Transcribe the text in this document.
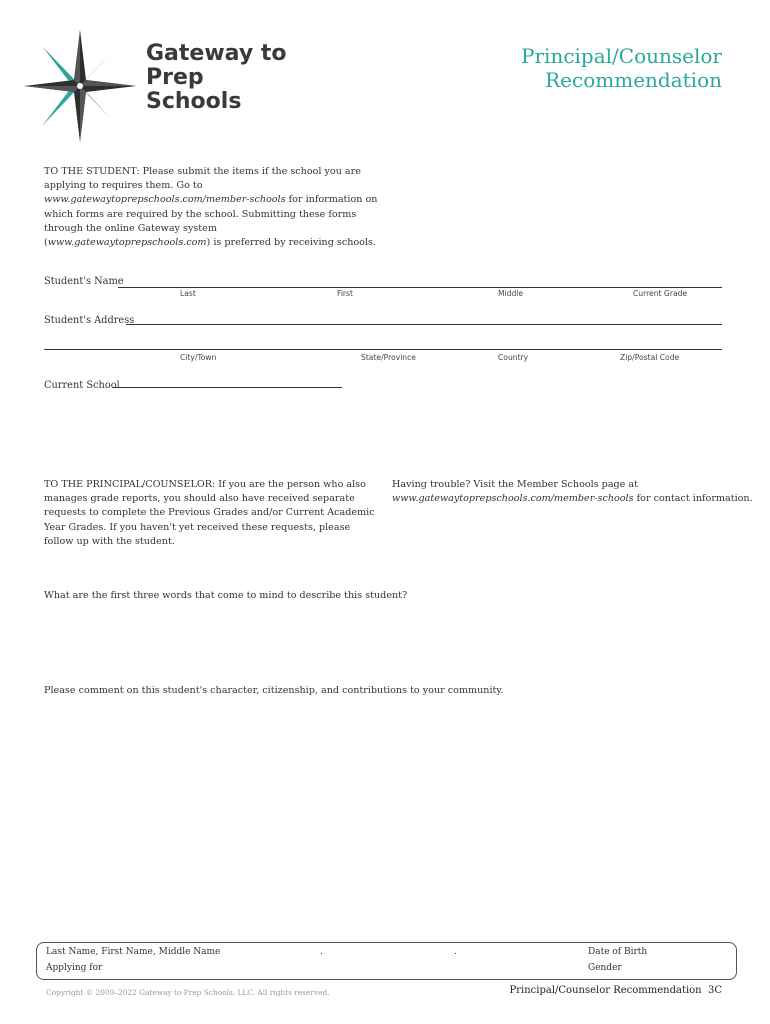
Gateway to
Prep
Schools
Principal/Counselor
Recommendation
TO THE STUDENT: Please submit the items if the school you are applying to requires them. Go to www.gatewaytoprepschools.com/member-schools for information on which forms are required by the school. Submitting these forms through the online Gateway system (www.gatewaytoprepschools.com) is preferred by receiving schools.
Student's Name
Last	First	Middle	Current Grade
Student's Address
City/Town	State/Province	Country	Zip/Postal Code
Current School
TO THE PRINCIPAL/COUNSELOR: If you are the person who also manages grade reports, you should also have received separate requests to complete the Previous Grades and/or Current Academic Year Grades. If you haven't yet received these requests, please follow up with the student.
Having trouble? Visit the Member Schools page at
www.gatewaytoprepschools.com/member-schools for contact information.
What are the first three words that come to mind to describe this student?
Please comment on this student's character, citizenship, and contributions to your community.
Last Name, First Name, Middle Name	.	.	Date of Birth
Applying for	Gender
Copyright © 2009–2022 Gateway to Prep Schools, LLC. All rights reserved.	Principal/Counselor Recommendation 3C
